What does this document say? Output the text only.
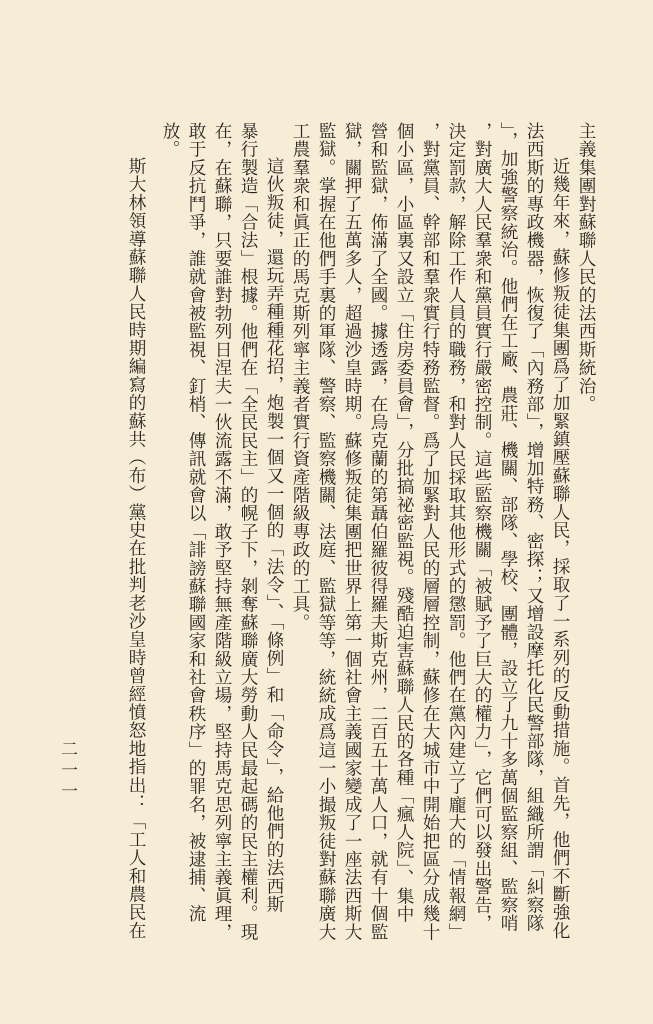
主義集團對蘇聯人民的法西斯統治。
近幾年來，蘇修叛徒集團爲了加緊鎮壓蘇聯人民，採取了一系列的反動措施。首先，他們不斷強化
法西斯的專政機器，恢復了「內務部」，增加特務、密探；又增設摩托化民警部隊，組織所謂「糾察隊
」，加強警察統治。他們在工廠、農莊、機關、部隊、學校、團體，設立了九十多萬個監察組、監察哨
，對廣大人民羣衆和黨員實行嚴密控制。這些監察機關「被賦予了巨大的權力」，它們可以發出警告，
決定罰款，解除工作人員的職務，和對人民採取其他形式的懲罰。他們在黨內建立了龐大的「情報網」
，對黨員、幹部和羣衆實行特務監督。爲了加緊對人民的層層控制，蘇修在大城市中開始把區分成幾十
個小區，小區裏又設立「住房委員會」，分批搞祕密監視。殘酷迫害蘇聯人民的各種「瘋人院」、集中
營和監獄，佈滿了全國。據透露，在烏克蘭的第聶伯羅彼得羅夫斯克州，二百五十萬人口，就有十個監
獄，關押了五萬多人，超過沙皇時期。蘇修叛徒集團把世界上第一個社會主義國家變成了一座法西斯大
監獄。掌握在他們手裏的軍隊、警察、監察機關、法庭、監獄等等，統統成爲這一小撮叛徒對蘇聯廣大
工農羣衆和眞正的馬克斯列寧主義者實行資產階級專政的工具。
這伙叛徒，還玩弄種種花招，炮製一個又一個的「法令」、「條例」和「命令」，給他們的法西斯
暴行製造「合法」根據。他們在「全民民主」的幌子下，剝奪蘇聯廣大勞動人民最起碼的民主權利。現
在，在蘇聯，只要誰對勃列日涅夫一伙流露不滿，敢予堅持無產階級立場，堅持馬克思列寧主義眞理，
敢于反抗鬥爭，誰就會被監視、釘梢、傳訊就會以「誹謗蘇聯國家和社會秩序」的罪名，被逮捕、流
放。
斯大林領導蘇聯人民時期編寫的蘇共（布）黨史在批判老沙皇時曾經憤怒地指出：「工人和農民在
二一一
